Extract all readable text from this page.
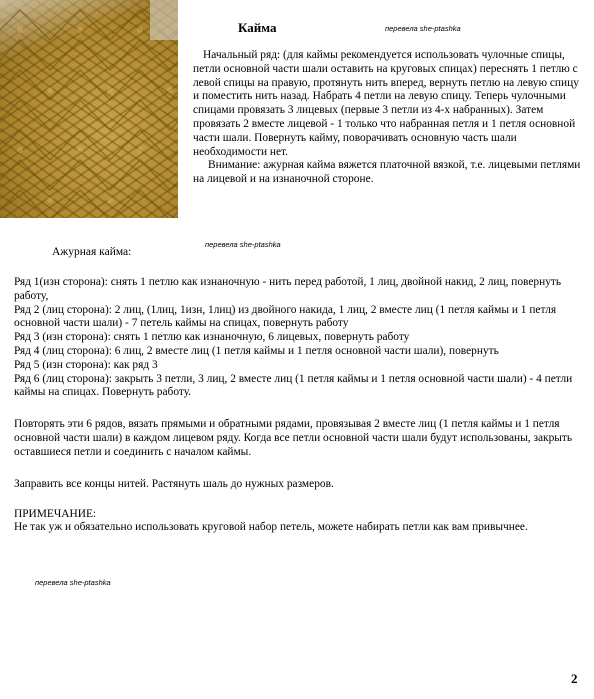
Кайма	перевела she-ptashka

Начальный ряд: (для каймы рекомендуется использовать чулочные спицы, петли основной части шали оставить на круговых спицах) переснять 1 петлю с левой спицы на правую, протянуть нить вперед, вернуть петлю на левую спицу и поместить нить назад. Набрать 4 петли на левую спицу. Теперь чулочными спицами провязать 3 лицевых (первые 3 петли из 4-х набранных). Затем провязать 2 вместе лицевой - 1 только что набранная петля и 1 петля основной части шали. Повернуть кайму, поворачивать основную часть шали необходимости нет.

Внимание: ажурная кайма вяжется платочной вязкой, т.е. лицевыми петлями на лицевой и на изнаночной стороне.

Ажурная кайма:
перевела she-ptashka

Ряд 1(изн сторона): снять 1 петлю как изнаночную - нить перед работой, 1 лиц, двойной накид, 2 лиц, повернуть работу,

Ряд 2 (лиц сторона): 2 лиц, (1лиц, 1изн, 1лиц) из двойного накида, 1 лиц, 2 вместе лиц (1 петля каймы и 1 петля основной части шали) - 7 петель каймы на спицах, повернуть работу

Ряд 3 (изн сторона): снять 1 петлю как изнаночную, 6 лицевых, повернуть работу

Ряд 4 (лиц сторона): 6 лиц, 2 вместе лиц (1 петля каймы и 1 петля основной части шали), повернуть

Ряд 5 (изн сторона): как ряд 3

Ряд 6 (лиц сторона): закрыть 3 петли, 3 лиц, 2 вместе лиц (1 петля каймы и 1 петля основной части шали) - 4 петли каймы на спицах. Повернуть работу.

Повторять эти 6 рядов, вязать прямыми и обратными рядами, провязывая 2 вместе лиц (1 петля каймы и 1 петля основной части шали) в каждом лицевом ряду. Когда все петли основной части шали будут использованы, закрыть оставшиеся петли и соединить с началом каймы.

Заправить все концы нитей. Растянуть шаль до нужных размеров.

ПРИМЕЧАНИЕ:

Не так уж и обязательно использовать круговой набор петель, можете набирать петли как вам привычнее.

перевела she-ptashka
2
